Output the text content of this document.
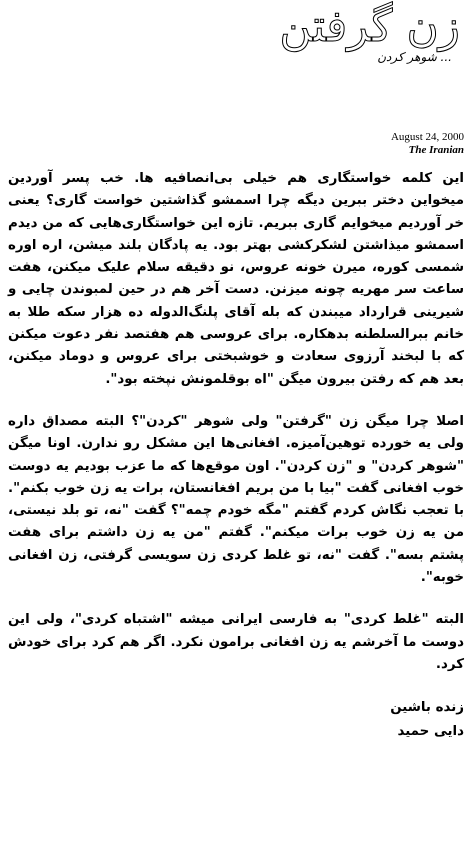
زن گرفتن
... شوهر کردن
August 24, 2000
The Iranian

این کلمه خواستگاری هم خیلی بی‌انصافیه ها. خب پسر آوردین میخواین دختر ببرین دیگه چرا اسمشو گذاشتین خواست گاری؟ یعنی خر آوردیم میخوایم گاری ببریم. تازه این خواستگاری‌هایی که من دیدم اسمشو میذاشتن لشکرکشی بهتر بود. یه پادگان بلند میشن، اره اوره شمسی کوره، میرن خونه عروس، نو دقیقه سلام علیک میکنن، هفت ساعت سر مهریه چونه میزنن. دست آخر هم در حین لمبوندن چایی و شیرینی قرارداد میبندن که بله آقای پلنگ‌الدوله ده هزار سکه طلا به خانم ببرالسلطنه بدهکاره. برای عروسی هم هفتصد نفر دعوت میکنن که با لبخند آرزوی سعادت و خوشبختی برای عروس و دوماد میکنن، بعد هم که رفتن بیرون میگن "اه بوقلمونش نپخته بود".

اصلا چرا میگن زن "گرفتن" ولی شوهر "کردن"؟ البته مصداق داره ولی یه خورده توهین‌آمیزه. افغانی‌ها این مشکل رو ندارن. اونا میگن "شوهر کردن" و "زن کردن". اون موقع‌ها که ما عزب بودیم یه دوست خوب افغانی گفت "بیا با من بریم افغانستان، برات یه زن خوب بکنم". با تعجب نگاش کردم گفتم "مگه خودم چمه"؟ گفت "نه، تو بلد نیستی، من یه زن خوب برات میکنم". گفتم "من یه زن داشتم برای هفت پشتم بسه". گفت "نه، تو غلط کردی زن سویسی گرفتی، زن افغانی خوبه".

البته "غلط کردی" به فارسی ایرانی میشه "اشتباه کردی"، ولی این دوست ما آخرشم یه زن افغانی برامون نکرد. اگر هم کرد برای خودش کرد.

زنده باشین
دایی حمید
